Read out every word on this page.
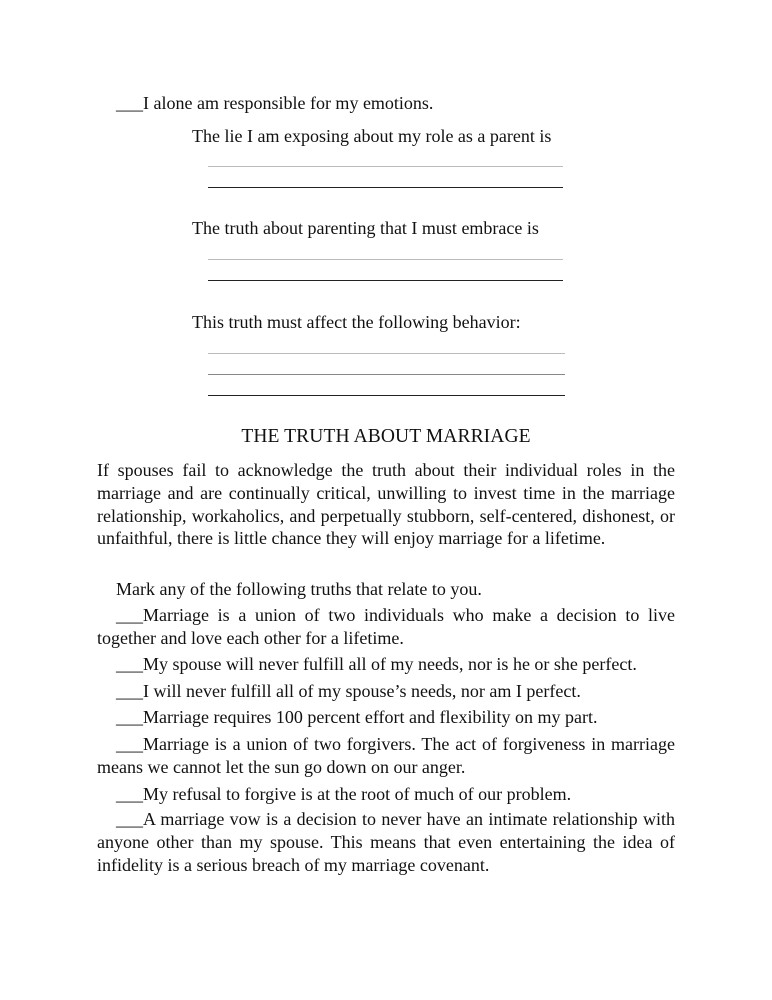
___I alone am responsible for my emotions.
The lie I am exposing about my role as a parent is
The truth about parenting that I must embrace is
This truth must affect the following behavior:
THE TRUTH ABOUT MARRIAGE
If spouses fail to acknowledge the truth about their individual roles in the marriage and are continually critical, unwilling to invest time in the marriage relationship, workaholics, and perpetually stubborn, self-centered, dishonest, or unfaithful, there is little chance they will enjoy marriage for a lifetime.
Mark any of the following truths that relate to you.
___Marriage is a union of two individuals who make a decision to live together and love each other for a lifetime.
___My spouse will never fulfill all of my needs, nor is he or she perfect.
___I will never fulfill all of my spouse’s needs, nor am I perfect.
___Marriage requires 100 percent effort and flexibility on my part.
___Marriage is a union of two forgivers. The act of forgiveness in marriage means we cannot let the sun go down on our anger.
___My refusal to forgive is at the root of much of our problem.
___A marriage vow is a decision to never have an intimate relationship with anyone other than my spouse. This means that even entertaining the idea of infidelity is a serious breach of my marriage covenant.
